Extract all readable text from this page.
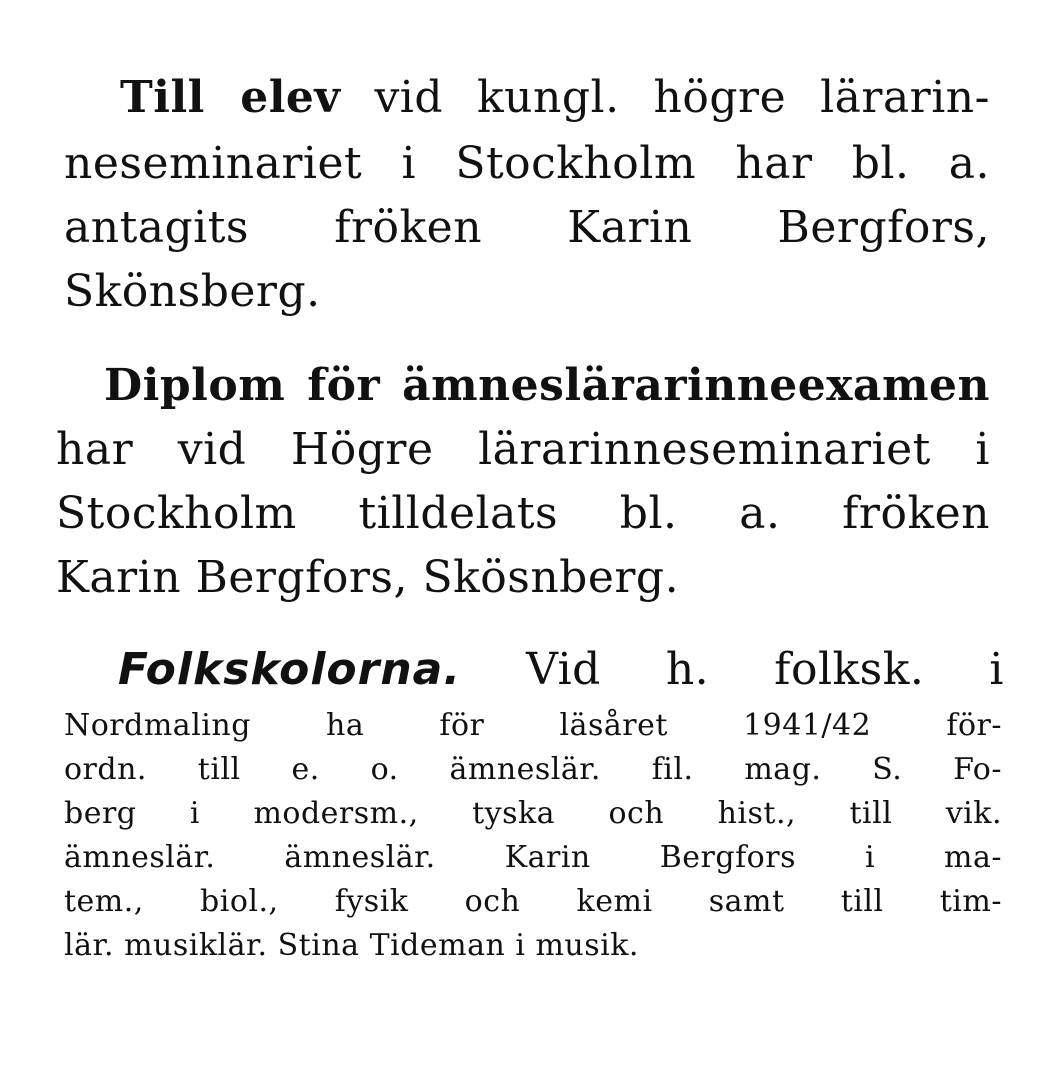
Till elev vid kungl. högre lärarin-
neseminariet i Stockholm har bl. a.
antagits fröken Karin Bergfors,
Skönsberg.
Diplom för ämneslärarinneexamen
har vid Högre lärarinneseminariet i
Stockholm tilldelats bl. a. fröken
Karin Bergfors, Skösnberg.
Folkskolorna. Vid h. folksk. i
Nordmaling ha för läsåret 1941/42 för-
ordn. till e. o. ämneslär. fil. mag. S. Fo-
berg i modersm., tyska och hist., till vik.
ämneslär. ämneslär. Karin Bergfors i ma-
tem., biol., fysik och kemi samt till tim-
lär. musiklär. Stina Tideman i musik.
